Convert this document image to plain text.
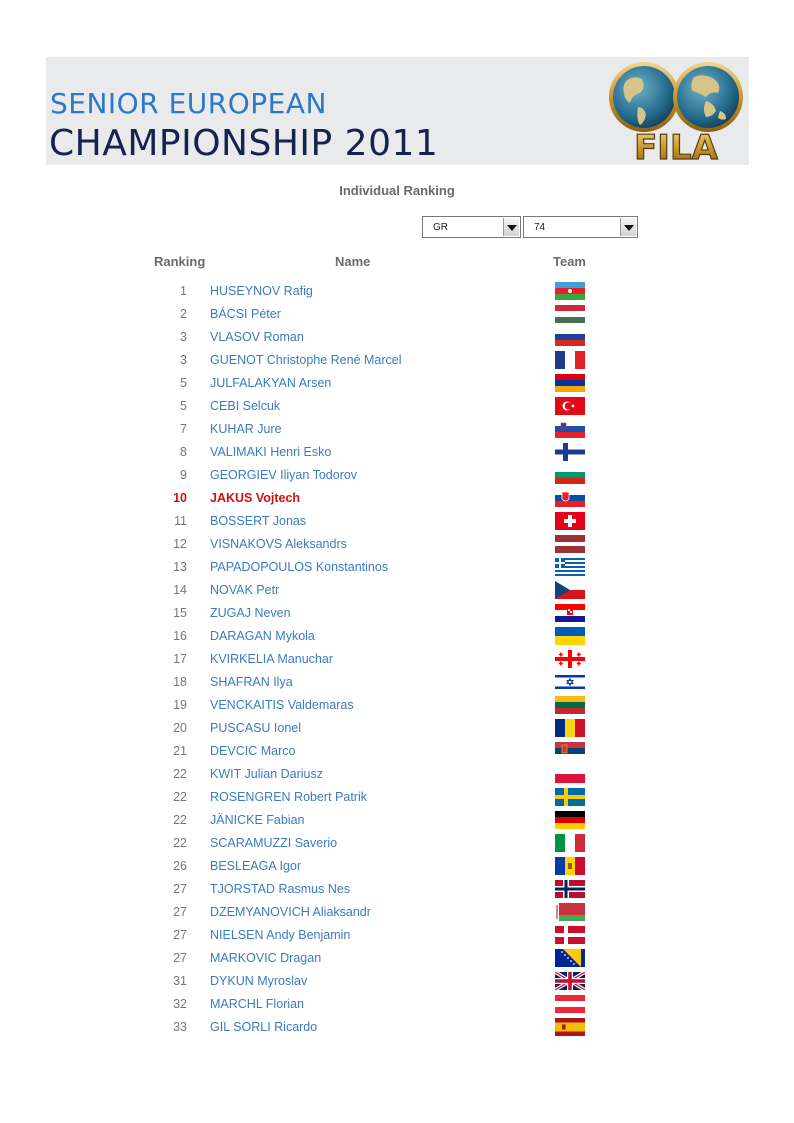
SENIOR EUROPEAN
CHAMPIONSHIP 2011	FILA
Individual Ranking
GR	74
Ranking	Name	Team
1 HUSEYNOV Rafig
2 BÁCSI Péter
3 VLASOV Roman
3 GUENOT Christophe René Marcel
5 JULFALAKYAN Arsen
5 CEBI Selcuk
7 KUHAR Jure
8 VALIMAKI Henri Esko
9 GEORGIEV Iliyan Todorov
10 JAKUS Vojtech
11 BOSSERT Jonas
12 VISNAKOVS Aleksandrs
13 PAPADOPOULOS Konstantinos
14 NOVAK Petr
15 ZUGAJ Neven
16 DARAGAN Mykola
17 KVIRKELIA Manuchar
18 SHAFRAN Ilya
19 VENCKAITIS Valdemaras
20 PUSCASU Ionel
21 DEVCIC Marco
22 KWIT Julian Dariusz
22 ROSENGREN Robert Patrik
22 JÄNICKE Fabian
22 SCARAMUZZI Saverio
26 BESLEAGA Igor
27 TJORSTAD Rasmus Nes
27 DZEMYANOVICH Aliaksandr
27 NIELSEN Andy Benjamin
27 MARKOVIC Dragan
31 DYKUN Myroslav
32 MARCHL Florian
33 GIL SORLI Ricardo
